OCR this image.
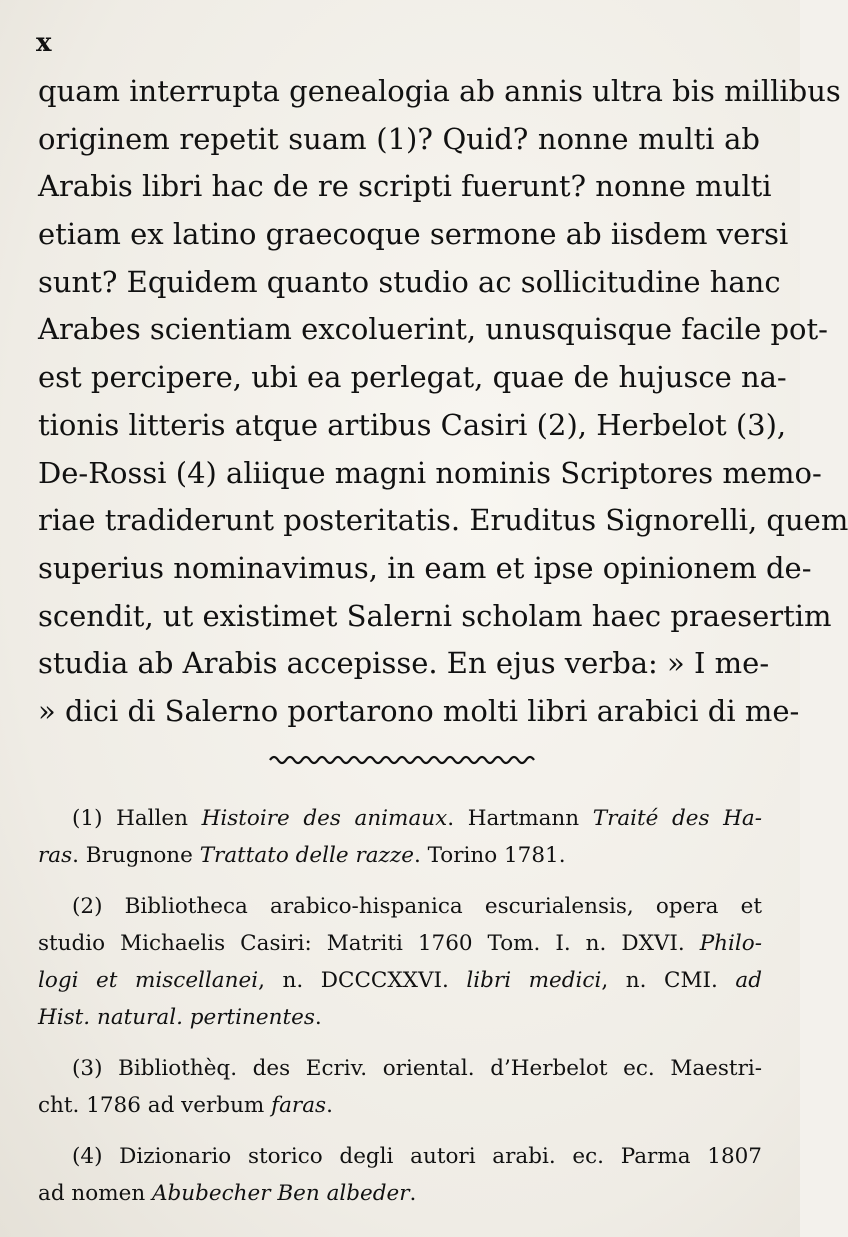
x
quam interrupta genealogia ab annis ultra bis millibus
originem repetit suam (1)? Quid? nonne multi ab
Arabis libri hac de re scripti fuerunt? nonne multi
etiam ex latino graecoque sermone ab iisdem versi
sunt? Equidem quanto studio ac sollicitudine hanc
Arabes scientiam excoluerint, unusquisque facile pot-
est percipere, ubi ea perlegat, quae de hujusce na-
tionis litteris atque artibus Casiri (2), Herbelot (3),
De-Rossi (4) aliique magni nominis Scriptores memo-
riae tradiderunt posteritatis. Eruditus Signorelli, quem
superius nominavimus, in eam et ipse opinionem de-
scendit, ut existimet Salerni scholam haec praesertim
studia ab Arabis accepisse. En ejus verba: » I me-
» dici di Salerno portarono molti libri arabici di me-
(1) Hallen Histoire des animaux. Hartmann Traité des Ha-
ras. Brugnone Trattato delle razze. Torino 1781.
(2) Bibliotheca arabico-hispanica escurialensis, opera et
studio Michaelis Casiri: Matriti 1760 Tom. I. n. DXVI. Philo-
logi et miscellanei, n. DCCCXXVI. libri medici, n. CMI. ad
Hist. natural. pertinentes.
(3) Bibliothèq. des Ecriv. oriental. d’Herbelot ec. Maestri-
cht. 1786 ad verbum faras.
(4) Dizionario storico degli autori arabi. ec. Parma 1807
ad nomen Abubecher Ben albeder.
